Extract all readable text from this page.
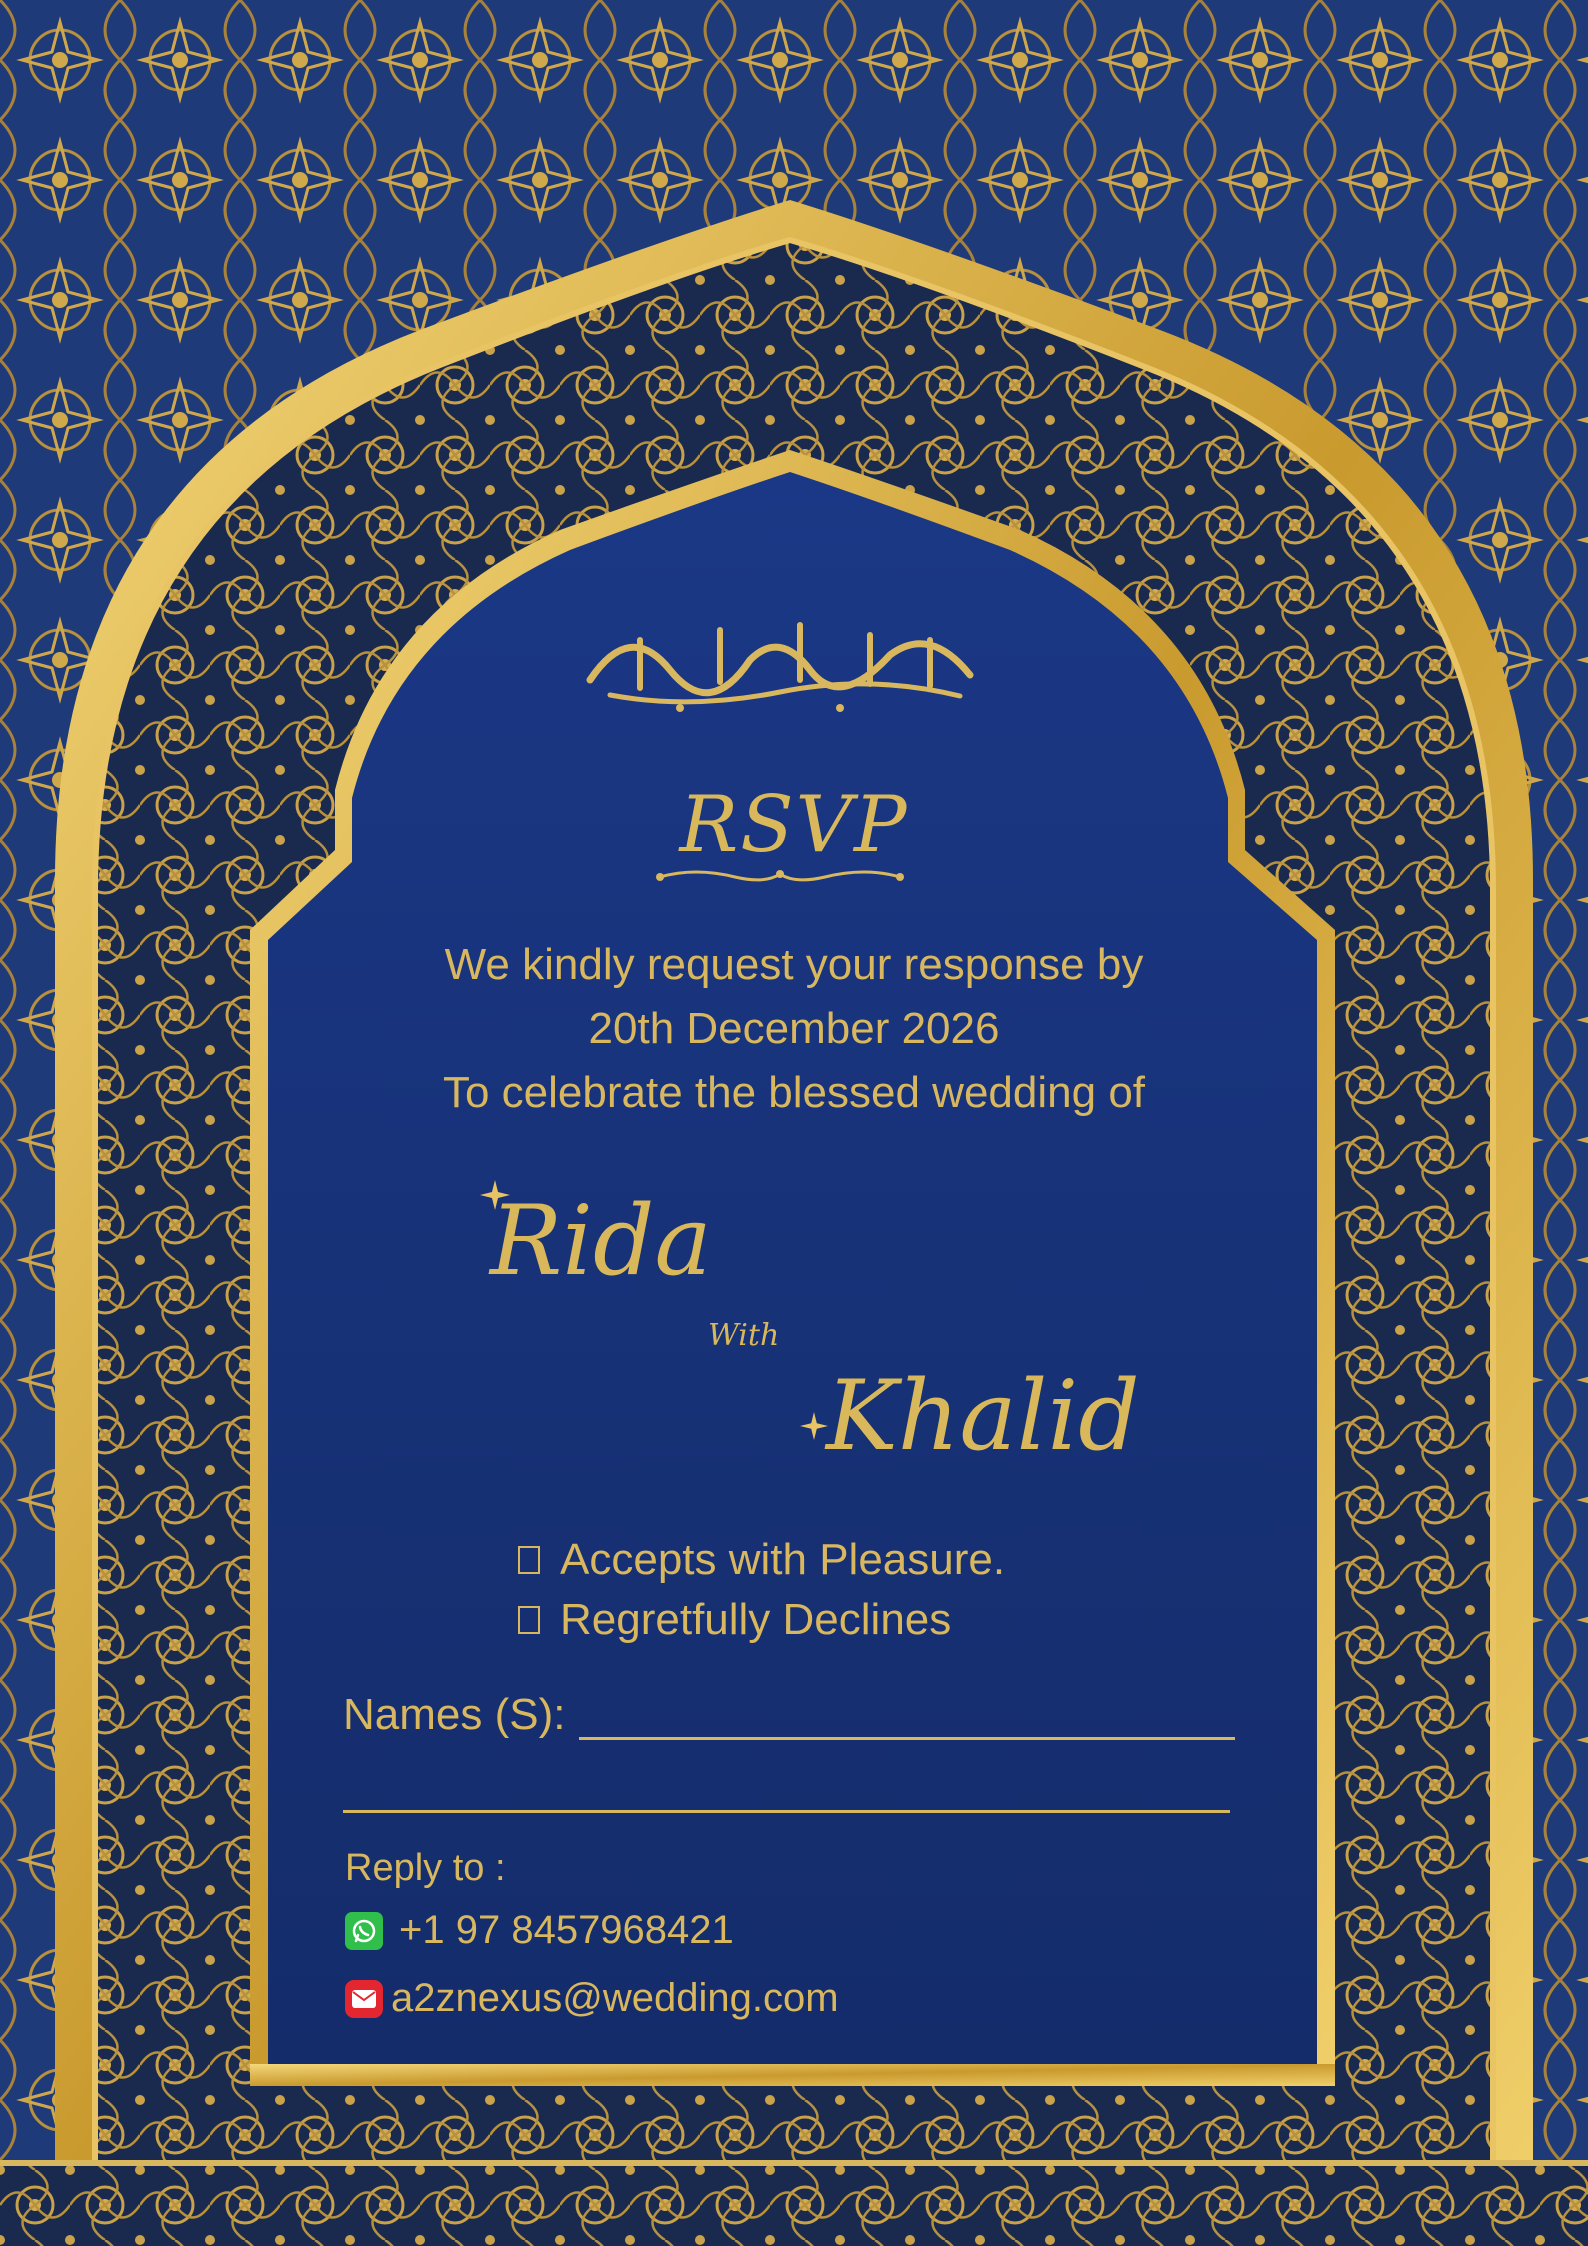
RSVP
We kindly request your response by
20th December 2026
To celebrate the blessed wedding of
Rida
With
Khalid
Accepts with Pleasure.
Regretfully Declines
Names (S):
Reply to :
+1 97 8457968421
a2znexus@wedding.com
